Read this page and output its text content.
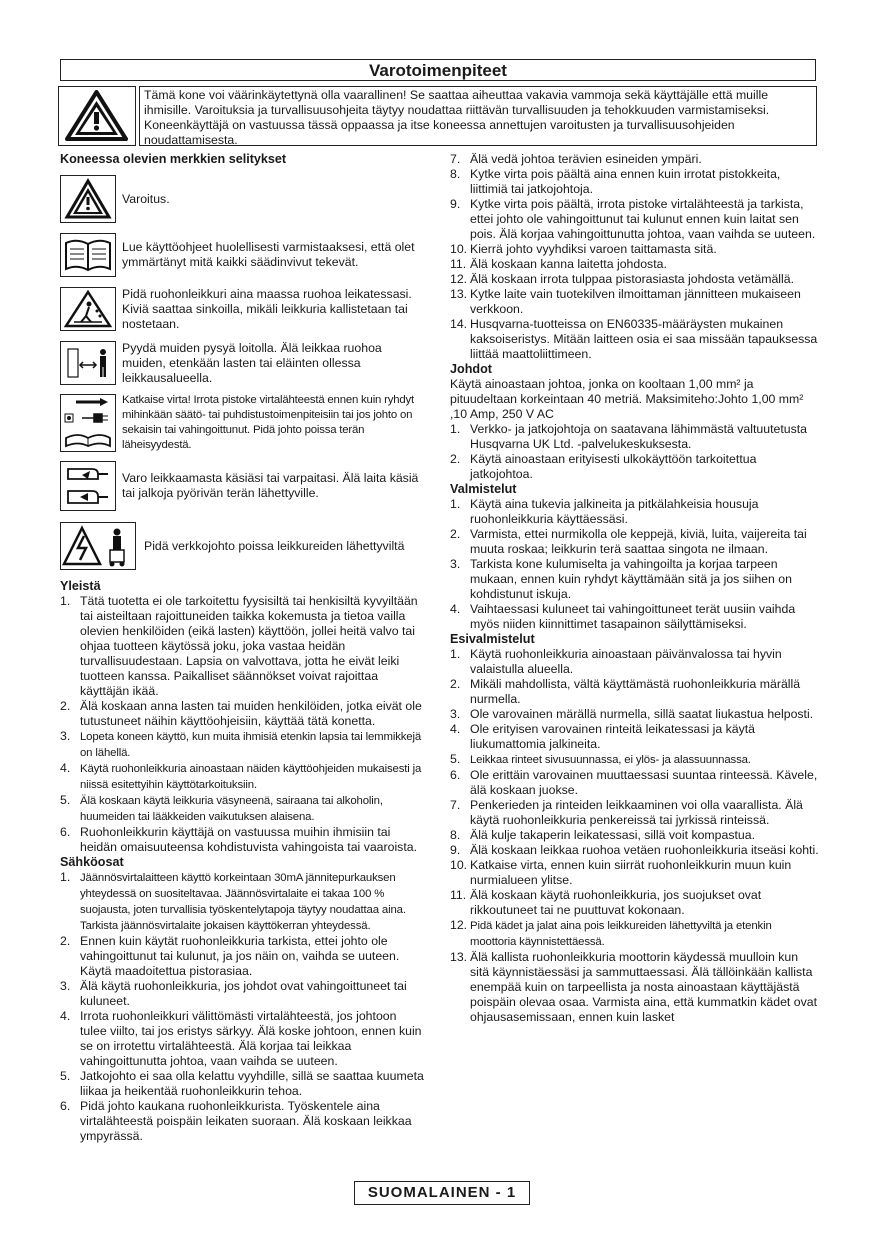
Varotoimenpiteet
Tämä kone voi väärinkäytettynä olla vaarallinen! Se saattaa aiheuttaa vakavia vammoja sekä käyttäjälle että muille ihmisille. Varoituksia ja turvallisuusohjeita täytyy noudattaa riittävän turvallisuuden ja tehokkuuden varmistamiseksi. Koneenkäyttäjä on vastuussa tässä oppaassa ja itse koneessa annettujen varoitusten ja turvallisuusohjeiden noudattamisesta.
Koneessa olevien merkkien selitykset
Varoitus.
Lue käyttöohjeet huolellisesti varmistaaksesi, että olet ymmärtänyt mitä kaikki säädinvivut tekevät.
Pidä ruohonleikkuri aina maassa ruohoa leikatessasi. Kiviä saattaa sinkoilla, mikäli leikkuria kallistetaan tai nostetaan.
Pyydä muiden pysyä loitolla. Älä leikkaa ruohoa muiden, etenkään lasten tai eläinten ollessa leikkausalueella.
Katkaise virta! Irrota pistoke virtalähteestä ennen kuin ryhdyt mihinkään säätö- tai puhdistustoimenpiteisiin tai jos johto on sekaisin tai vahingoittunut. Pidä johto poissa terän läheisyydestä.
Varo leikkaamasta käsiäsi tai varpaitasi. Älä laita käsiä tai jalkoja pyörivän terän lähettyville.
Pidä verkkojohto poissa leikkureiden lähettyviltä
Yleistä
1. Tätä tuotetta ei ole tarkoitettu fyysisiltä tai henkisiltä kyvyiltään tai aisteiltaan rajoittuneiden taikka kokemusta ja tietoa vailla olevien henkilöiden (eikä lasten) käyttöön, jollei heitä valvo tai ohjaa tuotteen käytössä joku, joka vastaa heidän turvallisuudestaan. Lapsia on valvottava, jotta he eivät leiki tuotteen kanssa. Paikalliset säännökset voivat rajoittaa käyttäjän ikää.
2. Älä koskaan anna lasten tai muiden henkilöiden, jotka eivät ole tutustuneet näihin käyttöohjeisiin, käyttää tätä konetta.
3. Lopeta koneen käyttö, kun muita ihmisiä etenkin lapsia tai lemmikkejä on lähellä.
4. Käytä ruohonleikkuria ainoastaan näiden käyttöohjeiden mukaisesti ja niissä esitettyihin käyttötarkoituksiin.
5. Älä koskaan käytä leikkuria väsyneenä, sairaana tai alkoholin, huumeiden tai lääkkeiden vaikutuksen alaisena.
6. Ruohonleikkurin käyttäjä on vastuussa muihin ihmisiin tai heidän omaisuuteensa kohdistuvista vahingoista tai vaaroista.
Sähköosat
1. Jäännösvirtalaitteen käyttö korkeintaan 30mA jännitepurkauksen yhteydessä on suositeltavaa. Jäännösvirtalaite ei takaa 100 % suojausta, joten turvallisia työskentelytapoja täytyy noudattaa aina. Tarkista jäännösvirtalaite jokaisen käyttökerran yhteydessä.
2. Ennen kuin käytät ruohonleikkuria tarkista, ettei johto ole vahingoittunut tai kulunut, ja jos näin on, vaihda se uuteen. Käytä maadoitettua pistorasiaa.
3. Älä käytä ruohonleikkuria, jos johdot ovat vahingoittuneet tai kuluneet.
4. Irrota ruohonleikkuri välittömästi virtalähteestä, jos johtoon tulee viilto, tai jos eristys särkyy. Älä koske johtoon, ennen kuin se on irrotettu virtalähteestä. Älä korjaa tai leikkaa vahingoittunutta johtoa, vaan vaihda se uuteen.
5. Jatkojohto ei saa olla kelattu vyyhdille, sillä se saattaa kuumeta liikaa ja heikentää ruohonleikkurin tehoa.
6. Pidä johto kaukana ruohonleikkurista. Työskentele aina virtalähteestä poispäin leikaten suoraan. Älä koskaan leikkaa ympyrässä.
7. Älä vedä johtoa terävien esineiden ympäri.
8. Kytke virta pois päältä aina ennen kuin irrotat pistokkeita, liittimiä tai jatkojohtoja.
9. Kytke virta pois päältä, irrota pistoke virtalähteestä ja tarkista, ettei johto ole vahingoittunut tai kulunut ennen kuin laitat sen pois. Älä korjaa vahingoittunutta johtoa, vaan vaihda se uuteen.
10. Kierrä johto vyyhdiksi varoen taittamasta sitä.
11. Älä koskaan kanna laitetta johdosta.
12. Älä koskaan irrota tulppaa pistorasiasta johdosta vetämällä.
13. Kytke laite vain tuotekilven ilmoittaman jännitteen mukaiseen verkkoon.
14. Husqvarna-tuotteissa on EN60335-määräysten mukainen kaksoiseristys. Mitään laitteen osia ei saa missään tapauksessa liittää maattoliittimeen.
Johdot
Käytä ainoastaan johtoa, jonka on kooltaan 1,00 mm² ja pituudeltaan korkeintaan 40 metriä. Maksimiteho:Johto 1,00 mm² ,10 Amp, 250 V AC
1. Verkko- ja jatkojohtoja on saatavana lähimmästä valtuutetusta Husqvarna UK Ltd. -palvelukeskuksesta.
2. Käytä ainoastaan erityisesti ulkokäyttöön tarkoitettua jatkojohtoa.
Valmistelut
1. Käytä aina tukevia jalkineita ja pitkälahkeisia housuja ruohonleikkuria käyttäessäsi.
2. Varmista, ettei nurmikolla ole keppejä, kiviä, luita, vaijereita tai muuta roskaa; leikkurin terä saattaa singota ne ilmaan.
3. Tarkista kone kulumiselta ja vahingoilta ja korjaa tarpeen mukaan, ennen kuin ryhdyt käyttämään sitä ja jos siihen on kohdistunut iskuja.
4. Vaihtaessasi kuluneet tai vahingoittuneet terät uusiin vaihda myös niiden kiinnittimet tasapainon säilyttämiseksi.
Esivalmistelut
1. Käytä ruohonleikkuria ainoastaan päivänvalossa tai hyvin valaistulla alueella.
2. Mikäli mahdollista, vältä käyttämästä ruohonleikkuria märällä nurmella.
3. Ole varovainen märällä nurmella, sillä saatat liukastua helposti.
4. Ole erityisen varovainen rinteitä leikatessasi ja käytä liukumattomia jalkineita.
5. Leikkaa rinteet sivusuunnassa, ei ylös- ja alassuunnassa.
6. Ole erittäin varovainen muuttaessasi suuntaa rinteessä. Kävele, älä koskaan juokse.
7. Penkerieden ja rinteiden leikkaaminen voi olla vaarallista. Älä käytä ruohonleikkuria penkereissä tai jyrkissä rinteissä.
8. Älä kulje takaperin leikatessasi, sillä voit kompastua.
9. Älä koskaan leikkaa ruohoa vetäen ruohonleikkuria itseäsi kohti.
10. Katkaise virta, ennen kuin siirrät ruohonleikkurin muun kuin nurmialueen ylitse.
11. Älä koskaan käytä ruohonleikkuria, jos suojukset ovat rikkoutuneet tai ne puuttuvat kokonaan.
12. Pidä kädet ja jalat aina pois leikkureiden lähettyviltä ja etenkin moottoria käynnistettäessä.
13. Älä kallista ruohonleikkuria moottorin käydessä muulloin kun sitä käynnistäessäsi ja sammuttaessasi. Älä tällöinkään kallista enempää kuin on tarpeellista ja nosta ainoastaan käyttäjästä poispäin olevaa osaa. Varmista aina, että kummatkin kädet ovat ohjausasemissaan, ennen kuin lasket
SUOMALAINEN - 1
